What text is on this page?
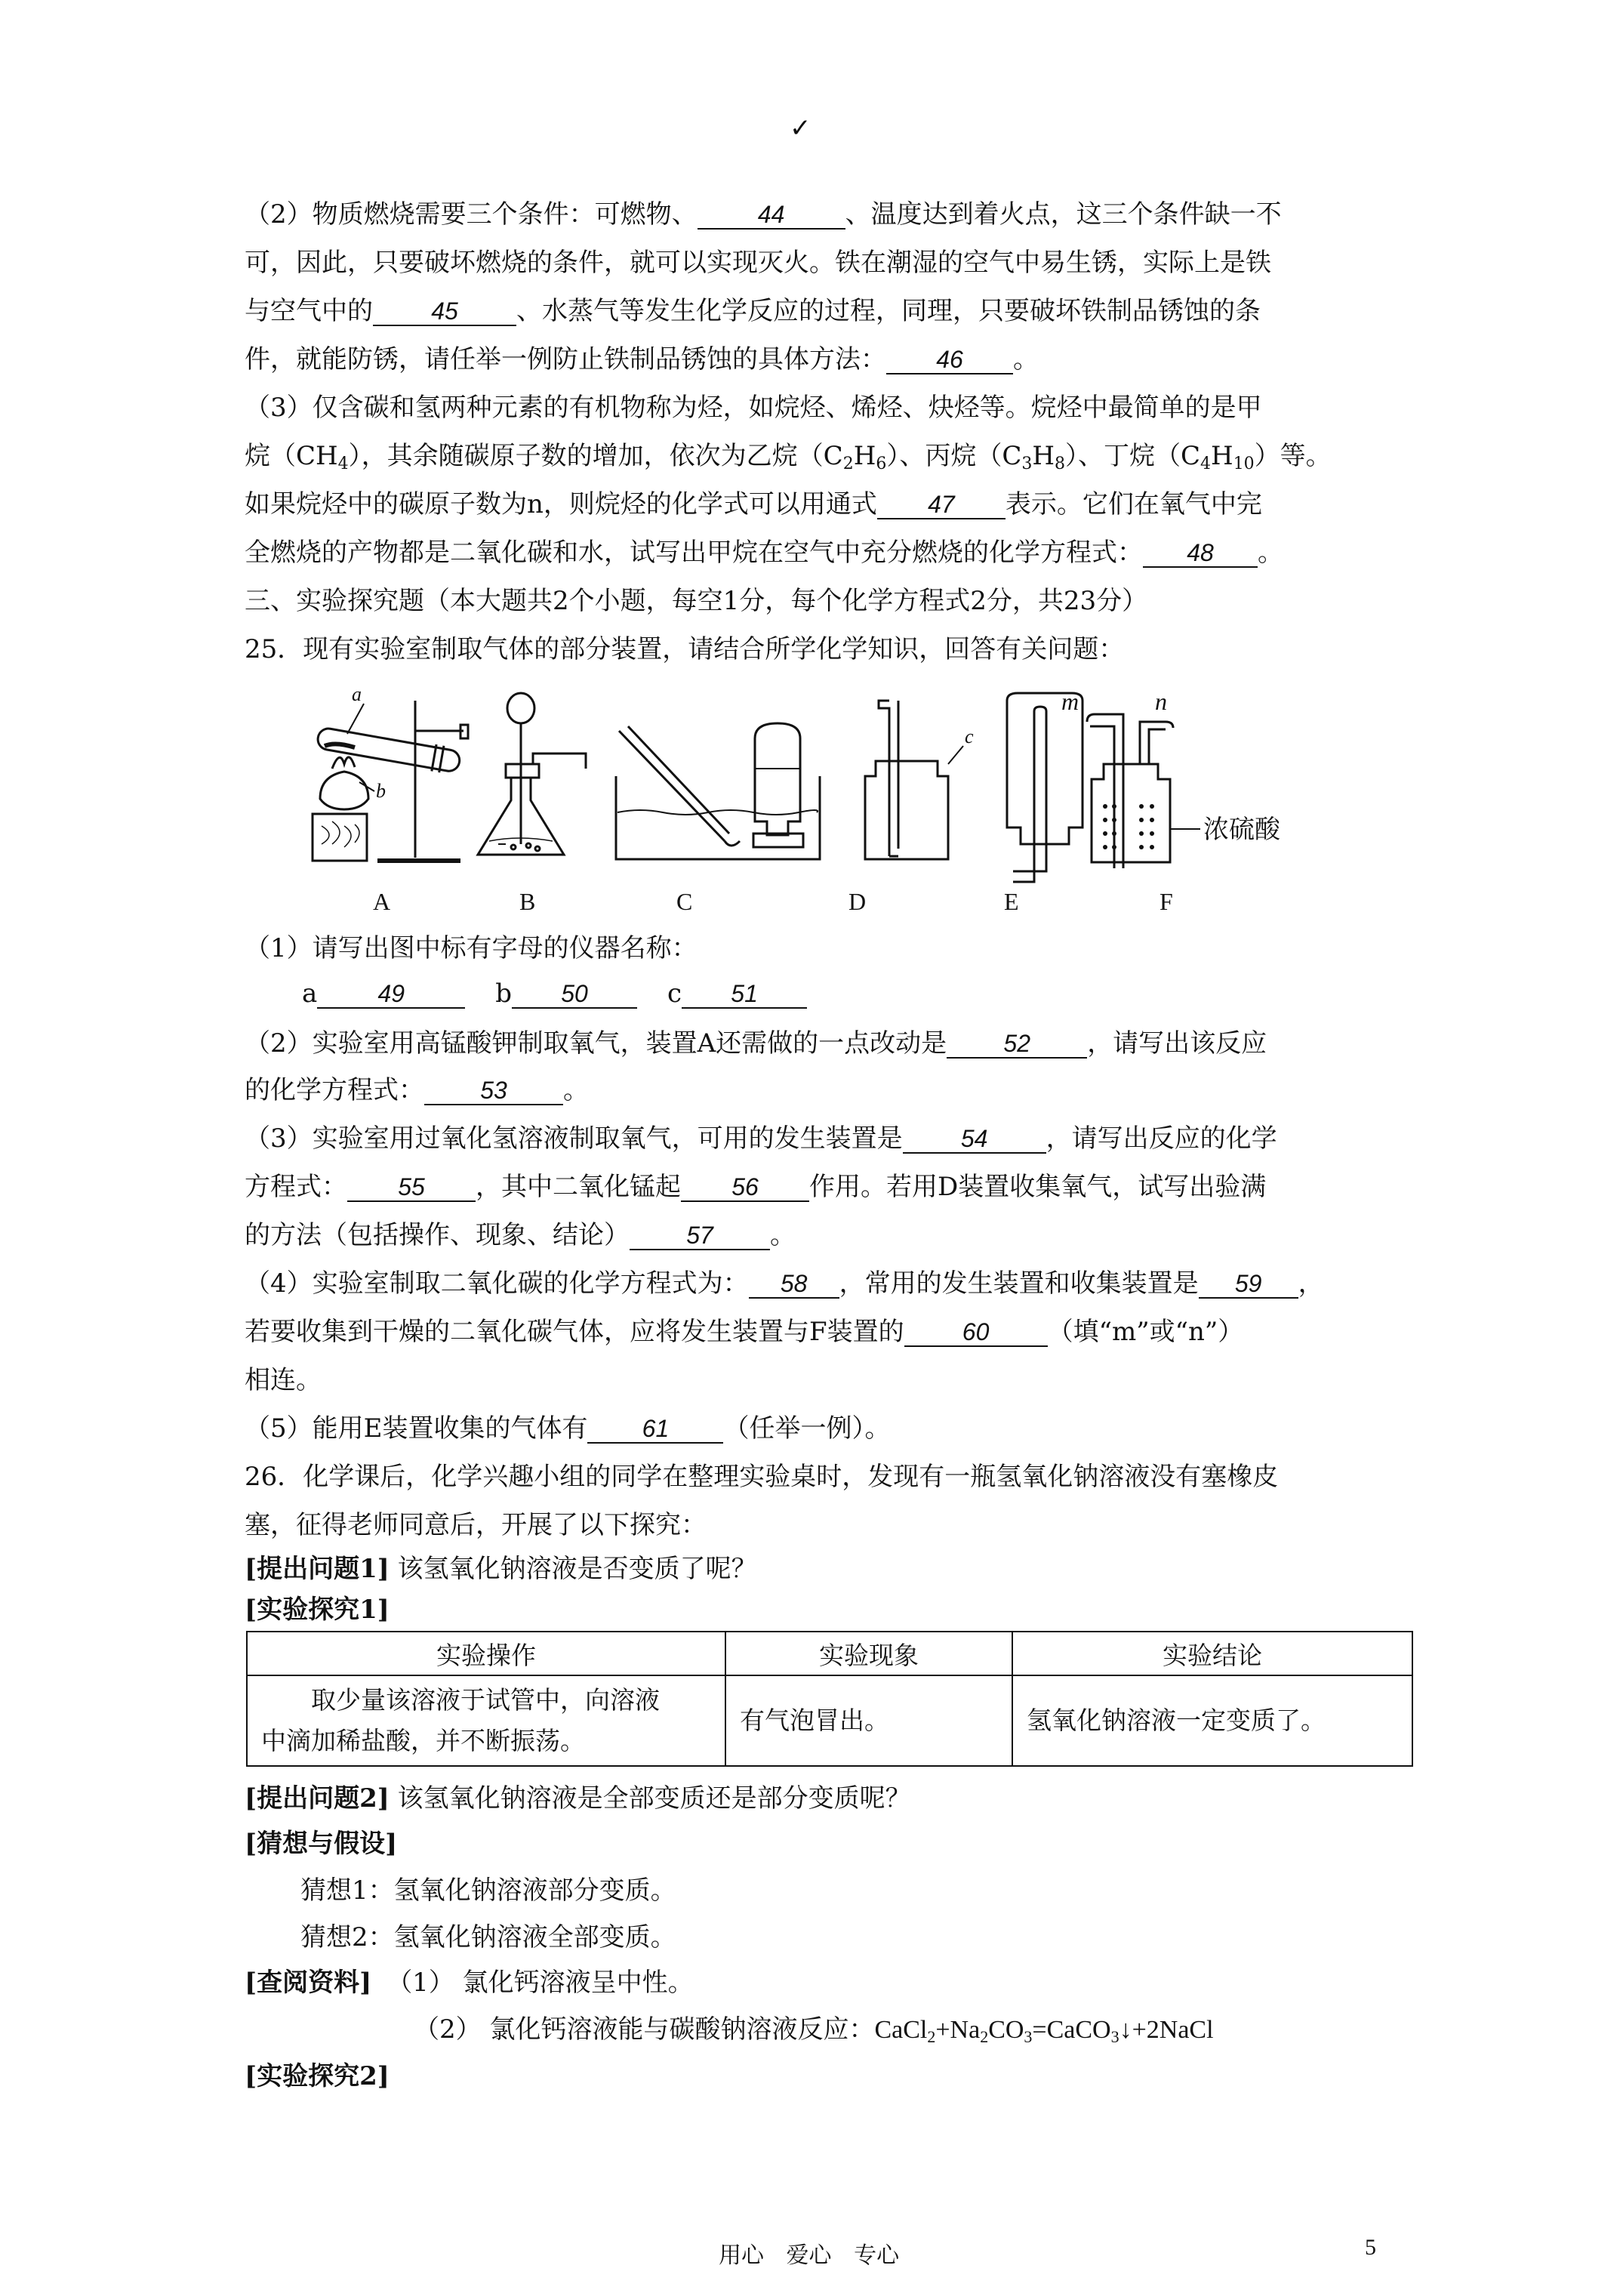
✓
（2）物质燃烧需要三个条件：可燃物、	44 、温度达到着火点，这三个条件缺一不
可，因此，只要破坏燃烧的条件，就可以实现灭火。铁在潮湿的空气中易生锈，实际上是铁
与空气中的 45 、水蒸气等发生化学反应的过程，同理，只要破坏铁制品锈蚀的条
件，就能防锈，请任举一例防止铁制品锈蚀的具体方法： 46 。
（3）仅含碳和氢两种元素的有机物称为烃，如烷烃、烯烃、炔烃等。烷烃中最简单的是甲
烷$(CH_4)$，其余随碳原子数的增加，依次为乙烷$(C_2H_6)$、丙烷$(C_3H_8)$、丁烷$(C_4H_{10})$等。
如果烷烃中的碳原子数为n，则烷烃的化学式可以用通式 47 表示。它们在氧气中完
全燃烧的产物都是二氧化碳和水，试写出甲烷在空气中充分燃烧的化学方程式： 48 。
三、实验探究题（本大题共2个小题，每空1分，每个化学方程式2分，共23分）
25．现有实验室制取气体的部分装置，请结合所学化学知识，回答有关问题：
a
b
c
m	n
浓硫酸
A	B	C	D	E	F
（1）请写出图中标有字母的仪器名称：
a	49	b 50	c 51
（2）实验室用高锰酸钾制取氧气，装置A还需做的一点改动是 52 ，请写出该反应
的化学方程式： 53 。
（3）实验室用过氧化氢溶液制取氧气，可用的发生装置是 54 ，请写出反应的化学
方程式： 55 ，其中二氧化锰起 56 作用。若用D装置收集氧气，试写出验满
的方法（包括操作、现象、结论） 57 。
（4）实验室制取二氧化碳的化学方程式为： 58 ，常用的发生装置和收集装置是 59 ，
若要收集到干燥的二氧化碳气体，应将发生装置与F装置的 60 （填“m”或“n”）
相连。
（5）能用E装置收集的气体有 61 （任举一例）。
26．化学课后，化学兴趣小组的同学在整理实验桌时，发现有一瓶氢氧化钠溶液没有塞橡皮
塞，征得老师同意后，开展了以下探究：
[提出问题1] 该氢氧化钠溶液是否变质了呢？
[实验探究1]
实验操作	实验现象	实验结论

取少量该溶液于试管中，向溶液
中滴加稀盐酸，并不断振荡。	有气泡冒出。	氢氧化钠溶液一定变质了。
[提出问题2] 该氢氧化钠溶液是全部变质还是部分变质呢？
[猜想与假设]
猜想1：氢氧化钠溶液部分变质。
猜想2：氢氧化钠溶液全部变质。
[查阅资料] （1） 氯化钙溶液呈中性。
（2） 氯化钙溶液能与碳酸钠溶液反应：$CaCl_2+Na_2CO_3=CaCO_3↓+2NaCl$
[实验探究2]
用心 爱心 专心	5
